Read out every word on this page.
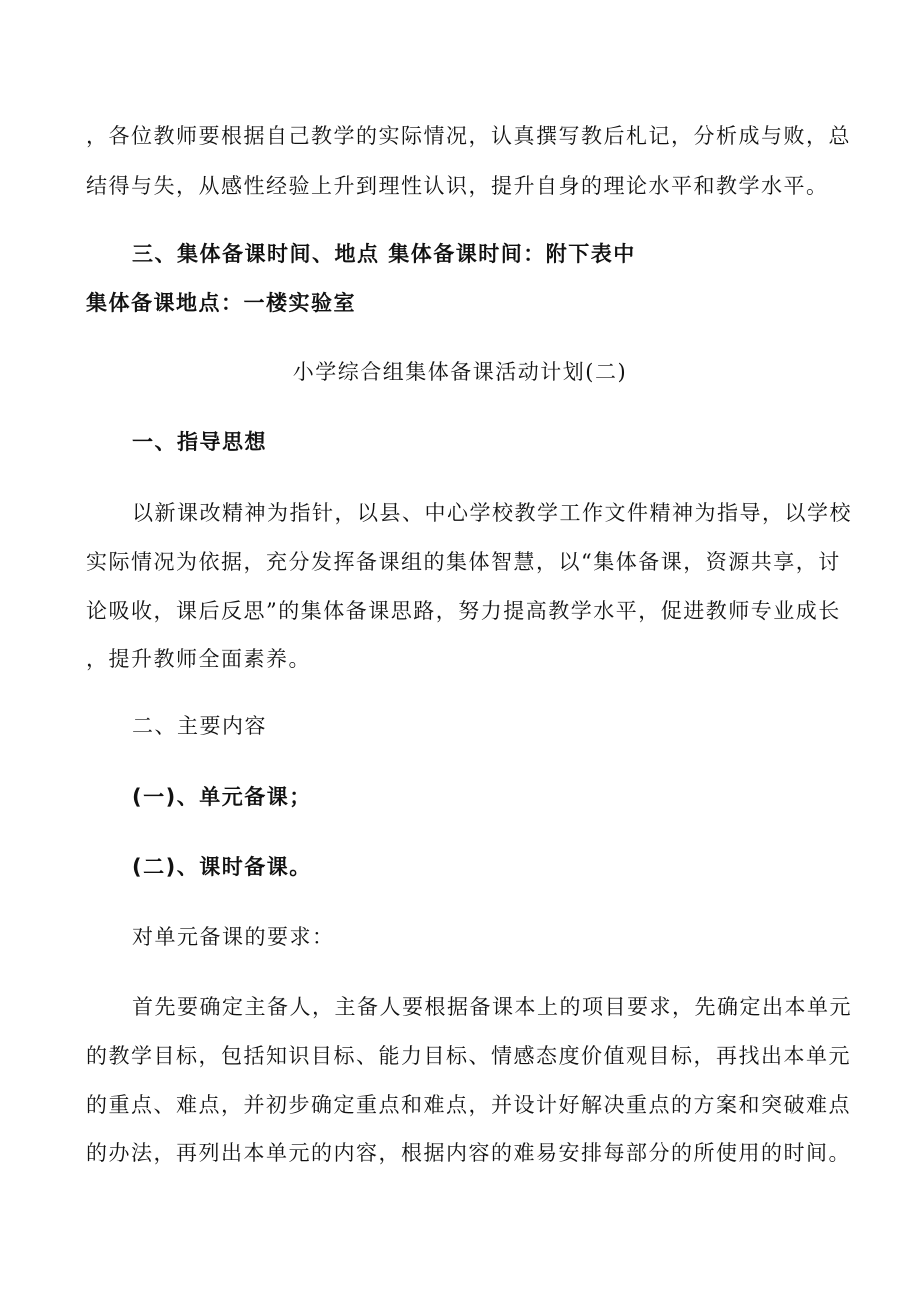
，各位教师要根据自己教学的实际情况，认真撰写教后札记，分析成与败，总
结得与失，从感性经验上升到理性认识，提升自身的理论水平和教学水平。
三、集体备课时间、地点 集体备课时间：附下表中
集体备课地点：一楼实验室
小学综合组集体备课活动计划(二)
一、指导思想
以新课改精神为指针，以县、中心学校教学工作文件精神为指导，以学校
实际情况为依据，充分发挥备课组的集体智慧，以“集体备课，资源共享，讨
论吸收，课后反思”的集体备课思路，努力提高教学水平，促进教师专业成长
，提升教师全面素养。
二、主要内容
(一)、单元备课；
(二)、课时备课。
对单元备课的要求：
首先要确定主备人，主备人要根据备课本上的项目要求，先确定出本单元
的教学目标，包括知识目标、能力目标、情感态度价值观目标，再找出本单元
的重点、难点，并初步确定重点和难点，并设计好解决重点的方案和突破难点
的办法，再列出本单元的内容，根据内容的难易安排每部分的所使用的时间。
